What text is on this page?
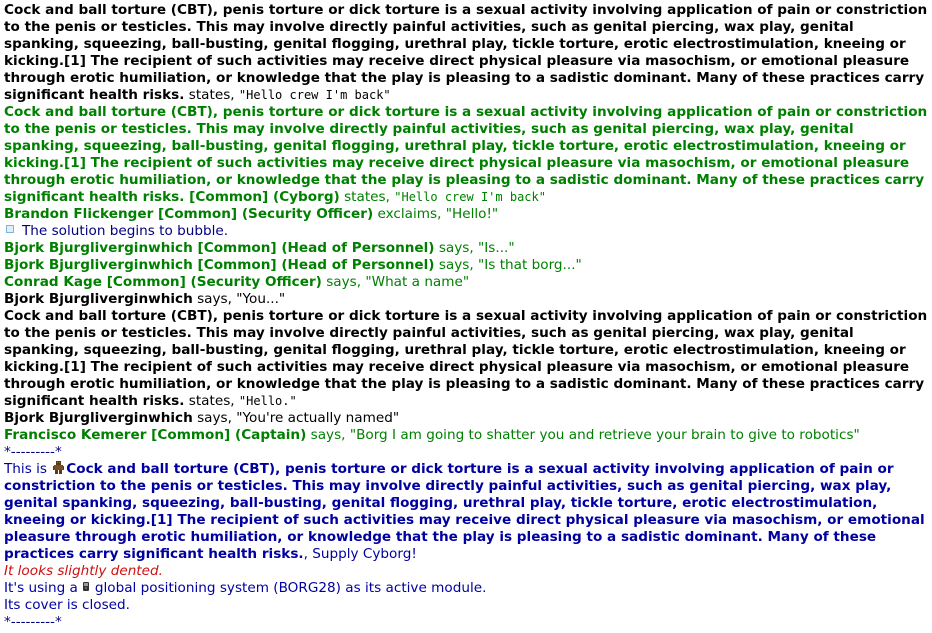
Cock and ball torture (CBT), penis torture or dick torture is a sexual activity involving application of pain or constriction to the penis or testicles. This may involve directly painful activities, such as genital piercing, wax play, genital spanking, squeezing, ball-busting, genital flogging, urethral play, tickle torture, erotic electrostimulation, kneeing or kicking.[1] The recipient of such activities may receive direct physical pleasure via masochism, or emotional pleasure through erotic humiliation, or knowledge that the play is pleasing to a sadistic dominant. Many of these practices carry significant health risks. states, "Hello crew I'm back"
Cock and ball torture (CBT), penis torture or dick torture is a sexual activity involving application of pain or constriction to the penis or testicles. This may involve directly painful activities, such as genital piercing, wax play, genital spanking, squeezing, ball-busting, genital flogging, urethral play, tickle torture, erotic electrostimulation, kneeing or kicking.[1] The recipient of such activities may receive direct physical pleasure via masochism, or emotional pleasure through erotic humiliation, or knowledge that the play is pleasing to a sadistic dominant. Many of these practices carry significant health risks. [Common] (Cyborg) states, "Hello crew I'm back"
Brandon Flickenger [Common] (Security Officer) exclaims, "Hello!"
The solution begins to bubble.
Bjork Bjurgliverginwhich [Common] (Head of Personnel) says, "Is..."
Bjork Bjurgliverginwhich [Common] (Head of Personnel) says, "Is that borg..."
Conrad Kage [Common] (Security Officer) says, "What a name"
Bjork Bjurgliverginwhich says, "You..."
Cock and ball torture (CBT), penis torture or dick torture is a sexual activity involving application of pain or constriction to the penis or testicles. This may involve directly painful activities, such as genital piercing, wax play, genital spanking, squeezing, ball-busting, genital flogging, urethral play, tickle torture, erotic electrostimulation, kneeing or kicking.[1] The recipient of such activities may receive direct physical pleasure via masochism, or emotional pleasure through erotic humiliation, or knowledge that the play is pleasing to a sadistic dominant. Many of these practices carry significant health risks. states, "Hello."
Bjork Bjurgliverginwhich says, "You're actually named"
Francisco Kemerer [Common] (Captain) says, "Borg I am going to shatter you and retrieve your brain to give to robotics"
*---------*
This is Cock and ball torture (CBT), penis torture or dick torture is a sexual activity involving application of pain or constriction to the penis or testicles. This may involve directly painful activities, such as genital piercing, wax play, genital spanking, squeezing, ball-busting, genital flogging, urethral play, tickle torture, erotic electrostimulation, kneeing or kicking.[1] The recipient of such activities may receive direct physical pleasure via masochism, or emotional pleasure through erotic humiliation, or knowledge that the play is pleasing to a sadistic dominant. Many of these practices carry significant health risks., Supply Cyborg!
It looks slightly dented.
It's using a global positioning system (BORG28) as its active module.
Its cover is closed.
*---------*
